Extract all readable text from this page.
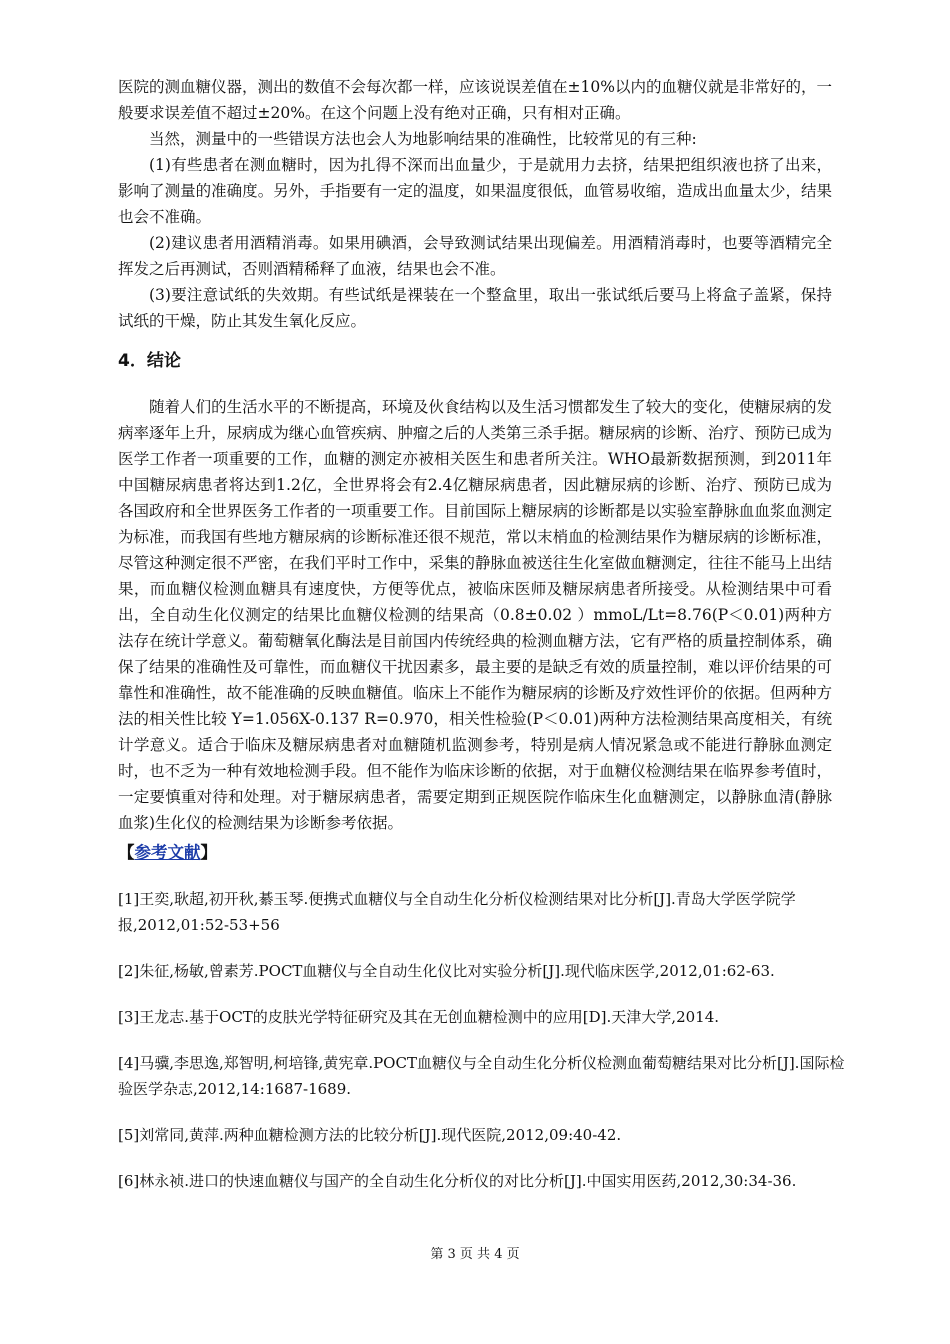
医院的测血糖仪器，测出的数值不会每次都一样，应该说误差值在±10%以内的血糖仪就是非常好的，一般要求误差值不超过±20%。在这个问题上没有绝对正确，只有相对正确。

当然，测量中的一些错误方法也会人为地影响结果的准确性，比较常见的有三种:

(1)有些患者在测血糖时，因为扎得不深而出血量少，于是就用力去挤，结果把组织液也挤了出来，影响了测量的准确度。另外，手指要有一定的温度，如果温度很低，血管易收缩，造成出血量太少，结果也会不准确。

(2)建议患者用酒精消毒。如果用碘酒，会导致测试结果出现偏差。用酒精消毒时，也要等酒精完全挥发之后再测试，否则酒精稀释了血液，结果也会不准。

(3)要注意试纸的失效期。有些试纸是裸装在一个整盒里，取出一张试纸后要马上将盒子盖紧，保持试纸的干燥，防止其发生氧化反应。

4．结论

随着人们的生活水平的不断提高，环境及伙食结构以及生活习惯都发生了较大的变化，使糖尿病的发病率逐年上升，尿病成为继心血管疾病、肿瘤之后的人类第三杀手据。糖尿病的诊断、治疗、预防已成为医学工作者一项重要的工作，血糖的测定亦被相关医生和患者所关注。WHO最新数据预测，到2011年中国糖尿病患者将达到1.2亿，全世界将会有2.4亿糖尿病患者，因此糖尿病的诊断、治疗、预防已成为各国政府和全世界医务工作者的一项重要工作。目前国际上糖尿病的诊断都是以实验室静脉血血浆血测定为标准，而我国有些地方糖尿病的诊断标准还很不规范，常以末梢血的检测结果作为糖尿病的诊断标准，尽管这种测定很不严密，在我们平时工作中，采集的静脉血被送往生化室做血糖测定，往往不能马上出结果，而血糖仪检测血糖具有速度快，方便等优点，被临床医师及糖尿病患者所接受。从检测结果中可看出，全自动生化仪测定的结果比血糖仪检测的结果高（0.8±0.02 ）mmoL/Lt=8.76(P＜0.01)两种方法存在统计学意义。葡萄糖氧化酶法是目前国内传统经典的检测血糖方法，它有严格的质量控制体系，确保了结果的准确性及可靠性，而血糖仪干扰因素多，最主要的是缺乏有效的质量控制，难以评价结果的可靠性和准确性，故不能准确的反映血糖值。临床上不能作为糖尿病的诊断及疗效性评价的依据。但两种方法的相关性比较 Y=1.056X-0.137 R=0.970，相关性检验(P＜0.01)两种方法检测结果高度相关，有统计学意义。适合于临床及糖尿病患者对血糖随机监测参考，特别是病人情况紧急或不能进行静脉血测定时，也不乏为一种有效地检测手段。但不能作为临床诊断的依据，对于血糖仪检测结果在临界参考值时，一定要慎重对待和处理。对于糖尿病患者，需要定期到正规医院作临床生化血糖测定，以静脉血清(静脉血浆)生化仪的检测结果为诊断参考依据。

【参考文献】

[1]王奕,耿超,初开秋,綦玉琴.便携式血糖仪与全自动生化分析仪检测结果对比分析[J].青岛大学医学院学报,2012,01:52-53+56

[2]朱征,杨敏,曾素芳.POCT血糖仪与全自动生化仪比对实验分析[J].现代临床医学,2012,01:62-63.

[3]王龙志.基于OCT的皮肤光学特征研究及其在无创血糖检测中的应用[D].天津大学,2014.

[4]马骥,李思逸,郑智明,柯培锋,黄宪章.POCT血糖仪与全自动生化分析仪检测血葡萄糖结果对比分析[J].国际检验医学杂志,2012,14:1687-1689.

[5]刘常同,黄萍.两种血糖检测方法的比较分析[J].现代医院,2012,09:40-42.

[6]林永祯.进口的快速血糖仪与国产的全自动生化分析仪的对比分析[J].中国实用医药,2012,30:34-36.

第 3 页 共 4 页
